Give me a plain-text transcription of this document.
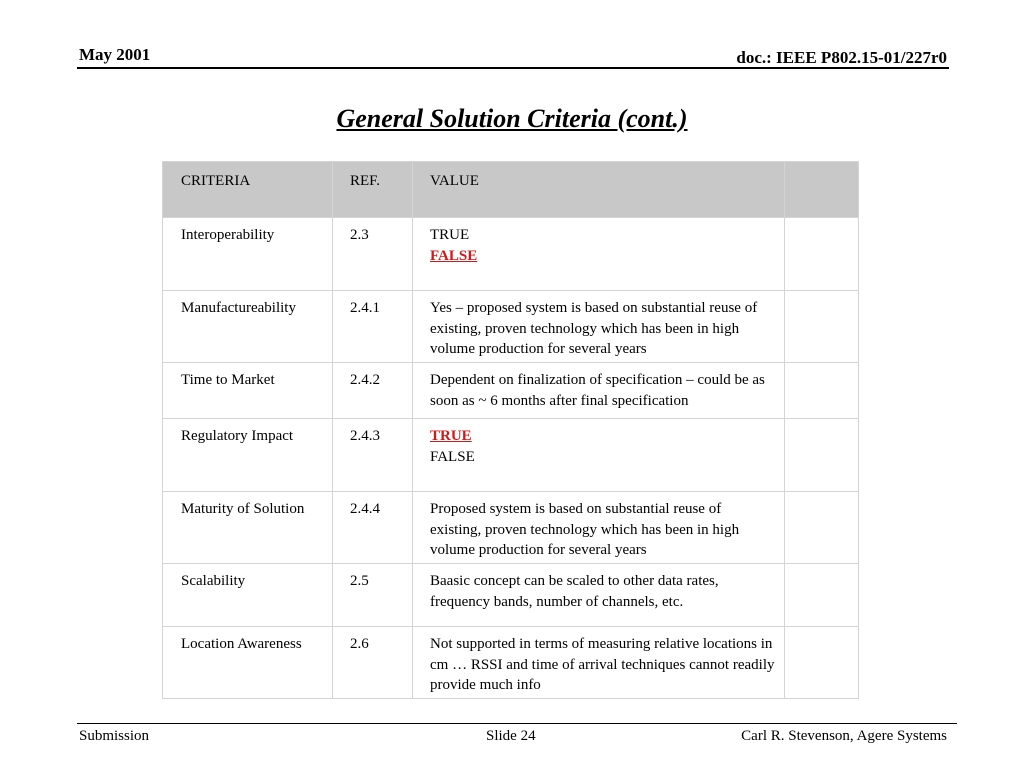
May 2001	doc.: IEEE P802.15-01/227r0
General Solution Criteria (cont.)
CRITERIA	REF.	VALUE	
Interoperability	2.3	TRUE
FALSE	

Manufactureability	2.4.1	Yes – proposed system is based on substantial reuse of existing, proven technology which has been in high volume production for several years	
Time to Market	2.4.2	Dependent on finalization of specification – could be as soon as ~ 6 months after final specification	
Regulatory Impact	2.4.3	TRUE
FALSE	

Maturity of Solution	2.4.4	Proposed system is based on substantial reuse of existing, proven technology which has been in high volume production for several years	
Scalability	2.5	Baasic concept can be scaled to other data rates, frequency bands, number of channels, etc.	
Location Awareness	2.6	Not supported in terms of measuring relative locations in cm … RSSI and time of arrival techniques cannot readily provide much info	
Submission	Slide 24	Carl R. Stevenson, Agere Systems
